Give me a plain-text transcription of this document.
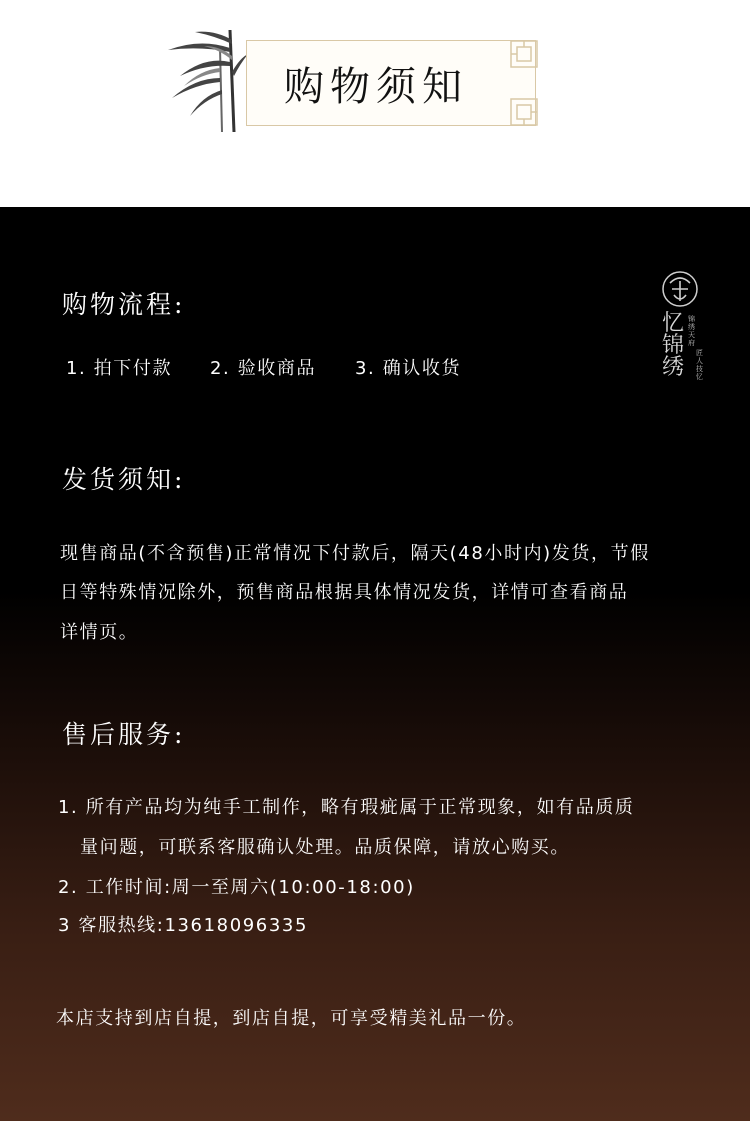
购物须知
忆锦绣
锦绣天府
匠人技忆
购物流程:
1. 拍下付款 2. 验收商品 3. 确认收货
发货须知:
现售商品(不含预售)正常情况下付款后，隔天(48小时内)发货，节假
日等特殊情况除外，预售商品根据具体情况发货，详情可查看商品
详情页。
售后服务:
1. 所有产品均为纯手工制作，略有瑕疵属于正常现象，如有品质质
量问题，可联系客服确认处理。品质保障，请放心购买。
2. 工作时间:周一至周六(10:00-18:00)
3 客服热线:13618096335
本店支持到店自提，到店自提，可享受精美礼品一份。
